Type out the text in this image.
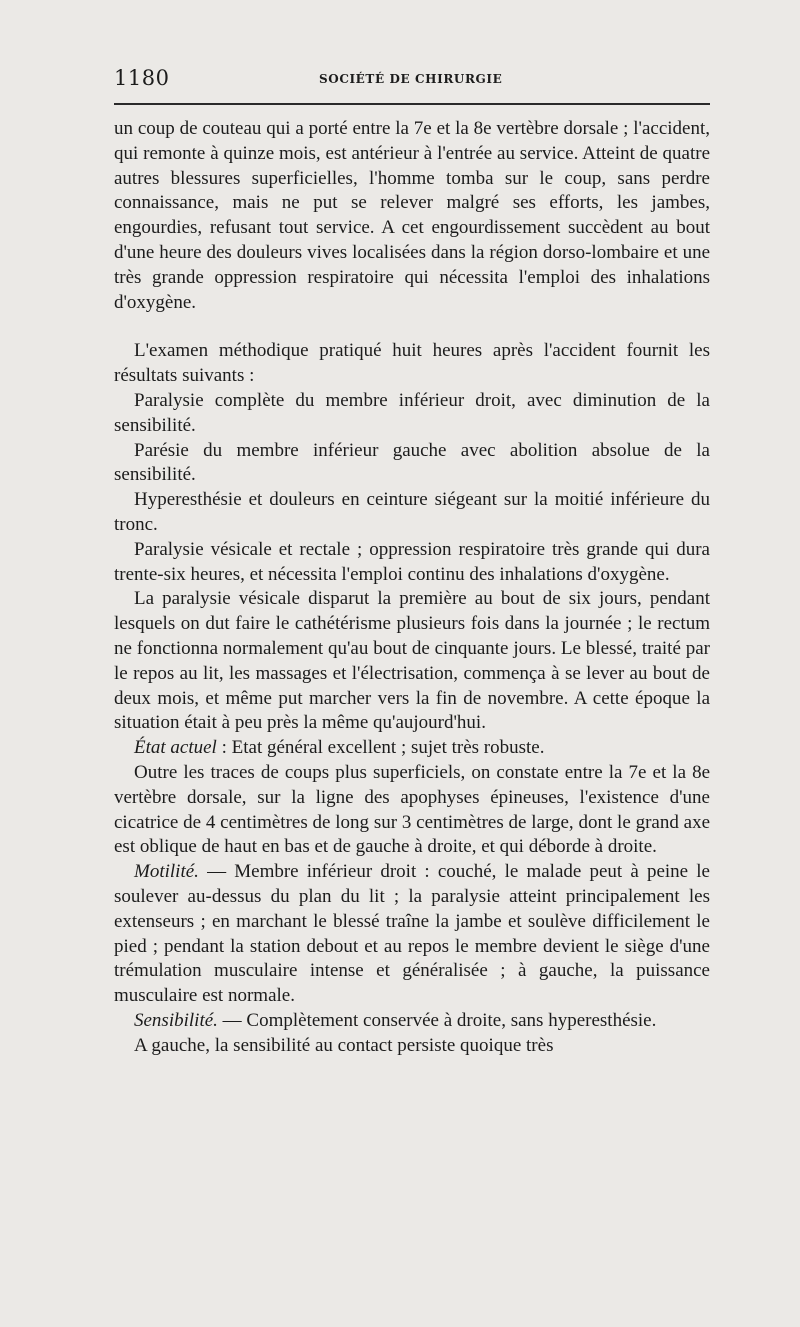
1180	SOCIÉTÉ DE CHIRURGIE

un coup de couteau qui a porté entre la 7e et la 8e vertèbre dorsale ; l'accident, qui remonte à quinze mois, est antérieur à l'entrée au service. Atteint de quatre autres blessures superficielles, l'homme tomba sur le coup, sans perdre connaissance, mais ne put se relever malgré ses efforts, les jambes, engourdies, refusant tout service. A cet engourdissement succèdent au bout d'une heure des douleurs vives localisées dans la région dorso-lombaire et une très grande oppression respiratoire qui nécessita l'emploi des inhalations d'oxygène.

L'examen méthodique pratiqué huit heures après l'accident fournit les résultats suivants :

Paralysie complète du membre inférieur droit, avec diminution de la sensibilité.

Parésie du membre inférieur gauche avec abolition absolue de la sensibilité.

Hyperesthésie et douleurs en ceinture siégeant sur la moitié inférieure du tronc.

Paralysie vésicale et rectale ; oppression respiratoire très grande qui dura trente-six heures, et nécessita l'emploi continu des inhalations d'oxygène.

La paralysie vésicale disparut la première au bout de six jours, pendant lesquels on dut faire le cathétérisme plusieurs fois dans la journée ; le rectum ne fonctionna normalement qu'au bout de cinquante jours. Le blessé, traité par le repos au lit, les massages et l'électrisation, commença à se lever au bout de deux mois, et même put marcher vers la fin de novembre. A cette époque la situation était à peu près la même qu'aujourd'hui.

État actuel : Etat général excellent ; sujet très robuste.

Outre les traces de coups plus superficiels, on constate entre la 7e et la 8e vertèbre dorsale, sur la ligne des apophyses épineuses, l'existence d'une cicatrice de 4 centimètres de long sur 3 centimètres de large, dont le grand axe est oblique de haut en bas et de gauche à droite, et qui déborde à droite.

Motilité. — Membre inférieur droit : couché, le malade peut à peine le soulever au-dessus du plan du lit ; la paralysie atteint principalement les extenseurs ; en marchant le blessé traîne la jambe et soulève difficilement le pied ; pendant la station debout et au repos le membre devient le siège d'une trémulation musculaire intense et généralisée ; à gauche, la puissance musculaire est normale.

Sensibilité. — Complètement conservée à droite, sans hyperesthésie.

A gauche, la sensibilité au contact persiste quoique très
